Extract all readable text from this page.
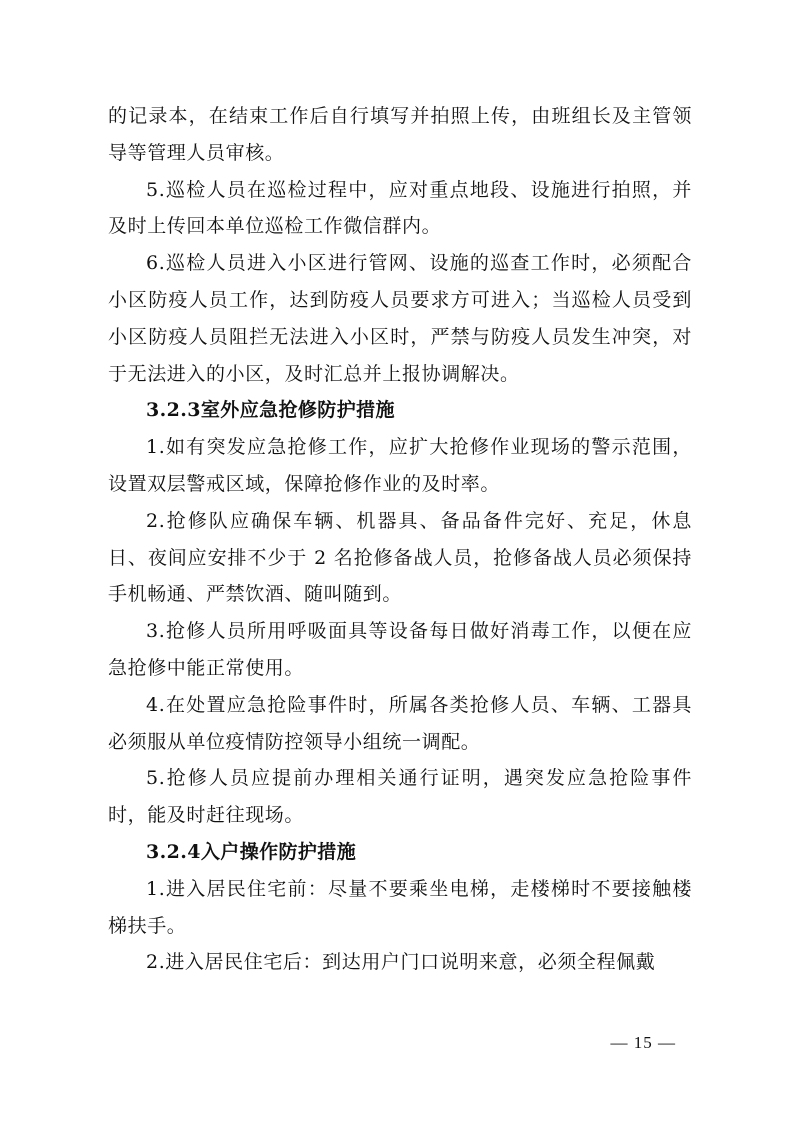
的记录本，在结束工作后自行填写并拍照上传，由班组长及主管领导等管理人员审核。

5.巡检人员在巡检过程中，应对重点地段、设施进行拍照，并及时上传回本单位巡检工作微信群内。

6.巡检人员进入小区进行管网、设施的巡查工作时，必须配合小区防疫人员工作，达到防疫人员要求方可进入；当巡检人员受到小区防疫人员阻拦无法进入小区时，严禁与防疫人员发生冲突，对于无法进入的小区，及时汇总并上报协调解决。

3.2.3室外应急抢修防护措施

1.如有突发应急抢修工作，应扩大抢修作业现场的警示范围，设置双层警戒区域，保障抢修作业的及时率。

2.抢修队应确保车辆、机器具、备品备件完好、充足，休息日、夜间应安排不少于 2 名抢修备战人员，抢修备战人员必须保持手机畅通、严禁饮酒、随叫随到。

3.抢修人员所用呼吸面具等设备每日做好消毒工作，以便在应急抢修中能正常使用。

4.在处置应急抢险事件时，所属各类抢修人员、车辆、工器具必须服从单位疫情防控领导小组统一调配。

5.抢修人员应提前办理相关通行证明，遇突发应急抢险事件时，能及时赶往现场。

3.2.4入户操作防护措施

1.进入居民住宅前：尽量不要乘坐电梯，走楼梯时不要接触楼梯扶手。

2.进入居民住宅后：到达用户门口说明来意，必须全程佩戴

— 15 —
